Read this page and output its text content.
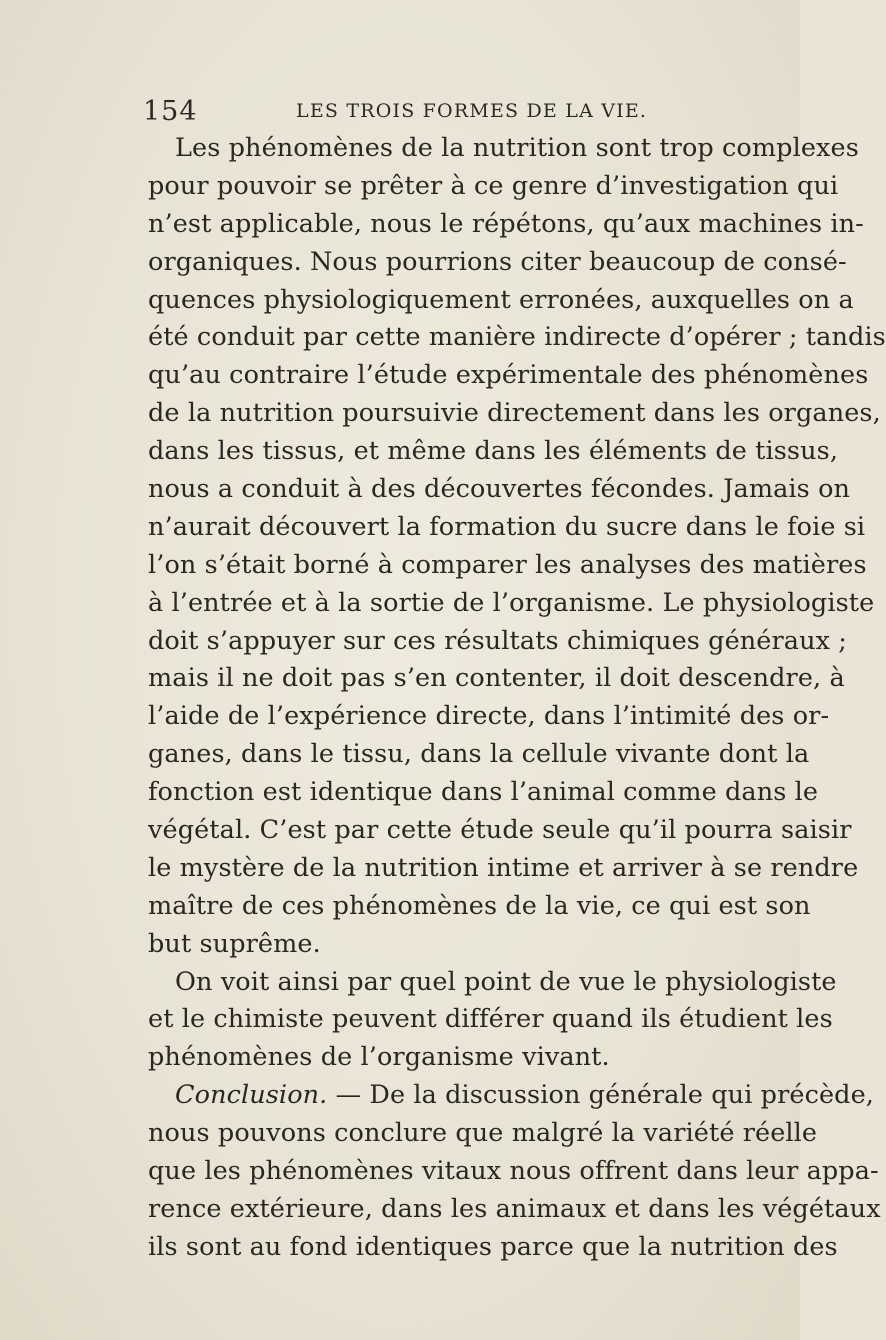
154	LES TROIS FORMES DE LA VIE.
Les phénomènes de la nutrition sont trop complexes
pour pouvoir se prêter à ce genre d’investigation qui
n’est applicable, nous le répétons, qu’aux machines in-
organiques. Nous pourrions citer beaucoup de consé-
quences physiologiquement erronées, auxquelles on a
été conduit par cette manière indirecte d’opérer ; tandis
qu’au contraire l’étude expérimentale des phénomènes
de la nutrition poursuivie directement dans les organes,
dans les tissus, et même dans les éléments de tissus,
nous a conduit à des découvertes fécondes. Jamais on
n’aurait découvert la formation du sucre dans le foie si
l’on s’était borné à comparer les analyses des matières
à l’entrée et à la sortie de l’organisme. Le physiologiste
doit s’appuyer sur ces résultats chimiques généraux ;
mais il ne doit pas s’en contenter, il doit descendre, à
l’aide de l’expérience directe, dans l’intimité des or-
ganes, dans le tissu, dans la cellule vivante dont la
fonction est identique dans l’animal comme dans le
végétal. C’est par cette étude seule qu’il pourra saisir
le mystère de la nutrition intime et arriver à se rendre
maître de ces phénomènes de la vie, ce qui est son
but suprême.
On voit ainsi par quel point de vue le physiologiste
et le chimiste peuvent différer quand ils étudient les
phénomènes de l’organisme vivant.
Conclusion. — De la discussion générale qui précède,
nous pouvons conclure que malgré la variété réelle
que les phénomènes vitaux nous offrent dans leur appa-
rence extérieure, dans les animaux et dans les végétaux
ils sont au fond identiques parce que la nutrition des
